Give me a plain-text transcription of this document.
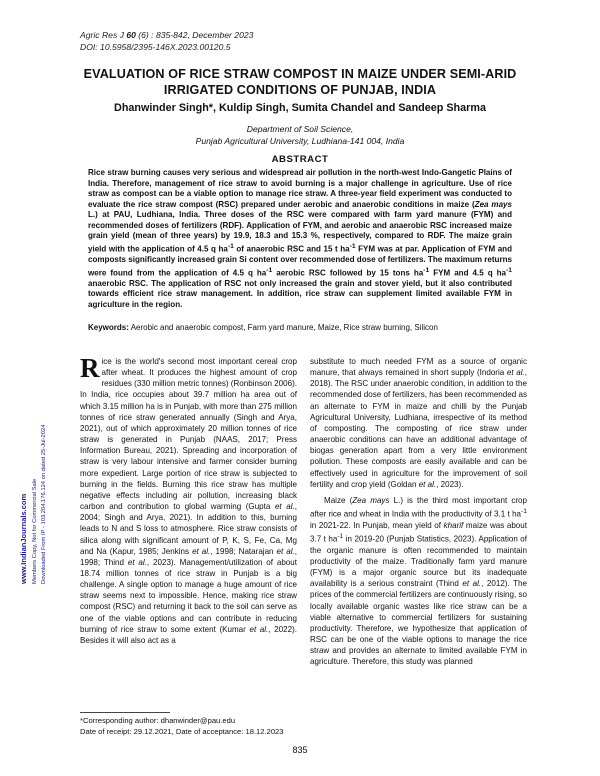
Agric Res J 60 (6) : 835-842, December 2023
DOI: 10.5958/2395-146X.2023.00120.5
EVALUATION OF RICE STRAW COMPOST IN MAIZE UNDER SEMI-ARID
IRRIGATED CONDITIONS OF PUNJAB, INDIA
Dhanwinder Singh*, Kuldip Singh, Sumita Chandel and Sandeep Sharma
Department of Soil Science,
Punjab Agricultural University, Ludhiana-141 004, India
ABSTRACT

Rice straw burning causes very serious and widespread air pollution in the north-west Indo-Gangetic Plains of India. Therefore, management of rice straw to avoid burning is a major challenge in agriculture. Use of rice straw as compost can be a viable option to manage rice straw. A three-year field experiment was conducted to evaluate the rice straw compost (RSC) prepared under aerobic and anaerobic conditions in maize (Zea mays L.) at PAU, Ludhiana, India. Three doses of the RSC were compared with farm yard manure (FYM) and recommended doses of fertilizers (RDF). Application of FYM, and aerobic and anaerobic RSC increased maize grain yield (mean of three years) by 19.9, 18.3 and 15.3 %, respectively, compared to RDF. The maize grain yield with the application of 4.5 q $ha^{-1}$ of anaerobic RSC and 15 t $ha^{-1}$ FYM was at par. Application of FYM and composts significantly increased grain Si content over recommended dose of fertilizers. The maximum returns were found from the application of 4.5 q $ha^{-1}$ aerobic RSC followed by 15 tons $ha^{-1}$ FYM and 4.5 q $ha^{-1}$ anaerobic RSC. The application of RSC not only increased the grain and stover yield, but it also contributed towards efficient rice straw management. In addition, rice straw can supplement limited available FYM in agriculture in the region.

Keywords: Aerobic and anaerobic compost, Farm yard manure, Maize, Rice straw burning, Silicon
www.IndianJournals.com Members Copy, Not for Commercial Sale Downloaded From IP - 103.204.176.124 on dated 25-Jul-2024

Rice is the world's second most important cereal crop after wheat. It produces the highest amount of crop residues (330 million metric tonnes) (Ronbinson 2006). In India, rice occupies about 39.7 million ha area out of which 3.15 million ha is in Punjab, with more than 275 million tonnes of rice straw generated annually (Singh and Arya, 2021), out of which approximately 20 million tonnes of rice straw is generated in Punjab (NAAS, 2017; Press Information Bureau, 2021). Spreading and incorporation of straw is very labour intensive and farmer consider burning more expedient. Large portion of rice straw is subjected to burning in the fields. Burning this rice straw has multiple negative effects including air pollution, increasing black carbon and contribution to global warming (Gupta et al., 2004; Singh and Arya, 2021). In addition to this, burning leads to N and S loss to atmosphere. Rice straw consists of silica along with significant amount of P, K, S, Fe, Ca, Mg and Na (Kapur, 1985; Jenkins et al., 1998; Natarajan et al., 1998; Thind et al., 2023). Management/utilization of about 18.74 million tonnes of rice straw in Punjab is a big challenge. A single option to manage a huge amount of rice straw seems next to impossible. Hence, making rice straw compost (RSC) and returning it back to the soil can serve as one of the viable options and can contribute in reducing burning of rice straw to some extent (Kumar et al., 2022). Besides it will also act as a

substitute to much needed FYM as a source of organic manure, that always remained in short supply (Indoria et al., 2018). The RSC under anaerobic condition, in addition to the recommended dose of fertilizers, has been recommended as an alternate to FYM in maize and chilli by the Punjab Agricultural University, Ludhiana, irrespective of its method of composting. The composting of rice straw under anaerobic conditions can have an additional advantage of biogas generation apart from a very little environment pollution. These composts are easily available and can be effectively used in agriculture for the improvement of soil fertility and crop yield (Goldan et al., 2023).

Maize (Zea mays L.) is the third most important crop after rice and wheat in India with the productivity of 3.1 t $ha^{-1}$ in 2021-22. In Punjab, mean yield of kharif maize was about 3.7 t $ha^{-1}$ in 2019-20 (Punjab Statistics, 2023). Application of the organic manure is often recommended to maintain productivity of the maize. Traditionally farm yard manure (FYM) is a major organic source but its inadequate availability is a serious constraint (Thind et al., 2012). The prices of the commercial fertilizers are continuously rising, so locally available organic wastes like rice straw can be a viable alternative to commercial fertilizers for sustaining productivity. Therefore, we hypothesize that application of RSC can be one of the viable options to manage the rice straw and provides an alternate to limited available FYM in agriculture. Therefore, this study was planned

*Corresponding author: dhanwinder@pau.edu
Date of receipt: 29.12.2021, Date of acceptance: 18.12.2023
835
